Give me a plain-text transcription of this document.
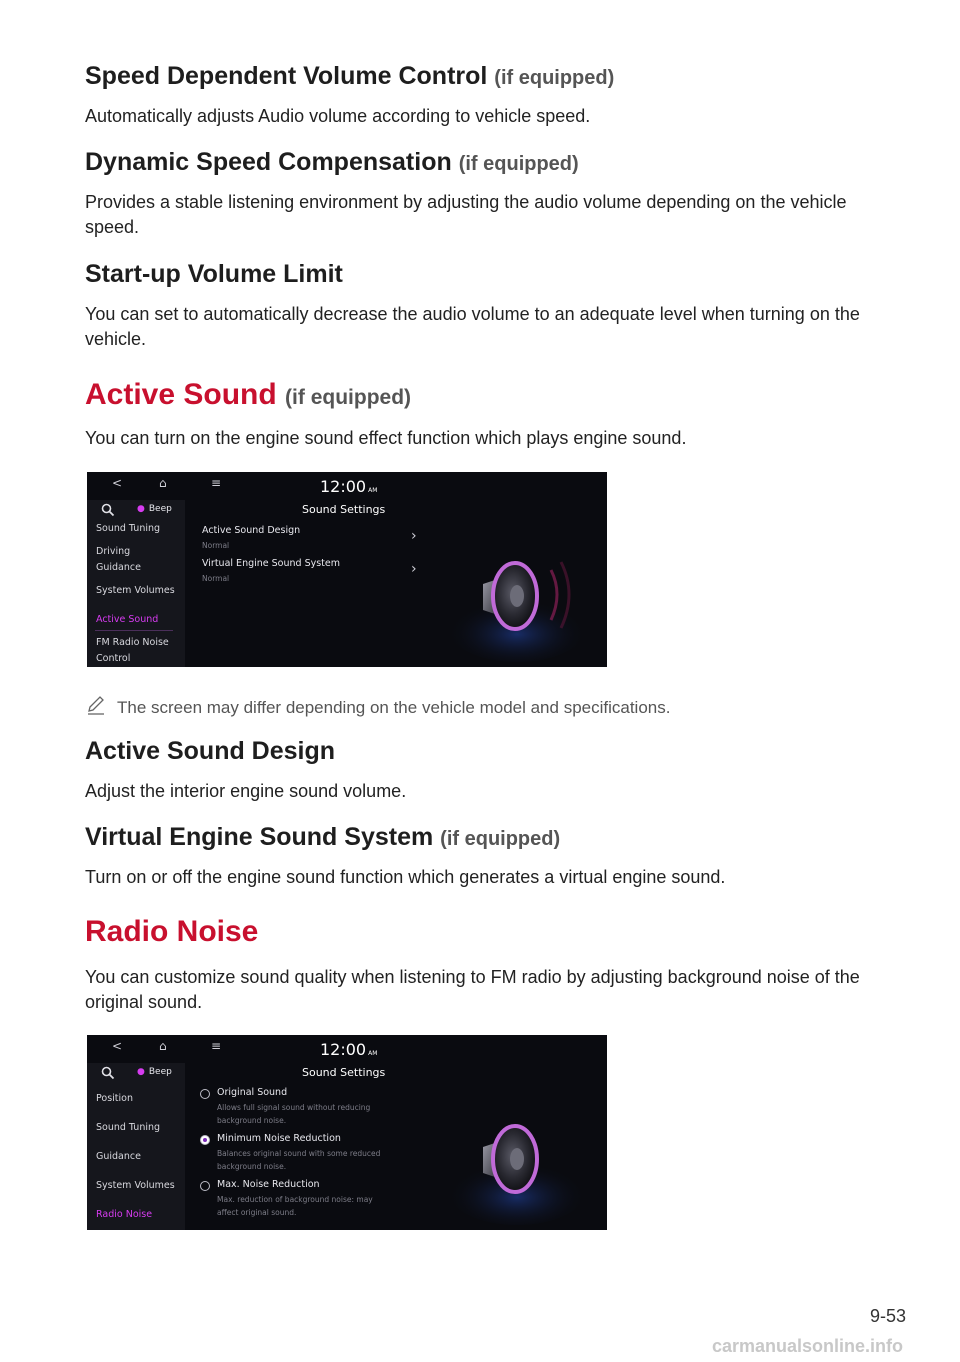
Speed Dependent Volume Control (if equipped)

Automatically adjusts Audio volume according to vehicle speed.

Dynamic Speed Compensation (if equipped)

Provides a stable listening environment by adjusting the audio volume depending on the vehicle speed.

Start-up Volume Limit

You can set to automatically decrease the audio volume to an adequate level when turning on the vehicle.

Active Sound (if equipped)

You can turn on the engine sound effect function which plays engine sound.

<	⌂	≡	12:00 AM
● Beep
Sound Tuning
Driving
Guidance
System Volumes
Active Sound
FM Radio Noise
Control
Sound Settings
Active Sound Design
Normal
›
Virtual Engine Sound System
Normal
›
The screen may differ depending on the vehicle model and specifications.
Active Sound Design

Adjust the interior engine sound volume.

Virtual Engine Sound System (if equipped)

Turn on or off the engine sound function which generates a virtual engine sound.

Radio Noise

You can customize sound quality when listening to FM radio by adjusting background noise of the original sound.

<	⌂	≡	12:00 AM
● Beep
Position
Sound Tuning
Guidance
System Volumes
Radio Noise
Sound Settings
Original Sound
Allows full signal sound without reducing
background noise.
Minimum Noise Reduction
Balances original sound with some reduced
background noise.
Max. Noise Reduction
Max. reduction of background noise: may
affect original sound.
9-53
carmanualsonline.info
